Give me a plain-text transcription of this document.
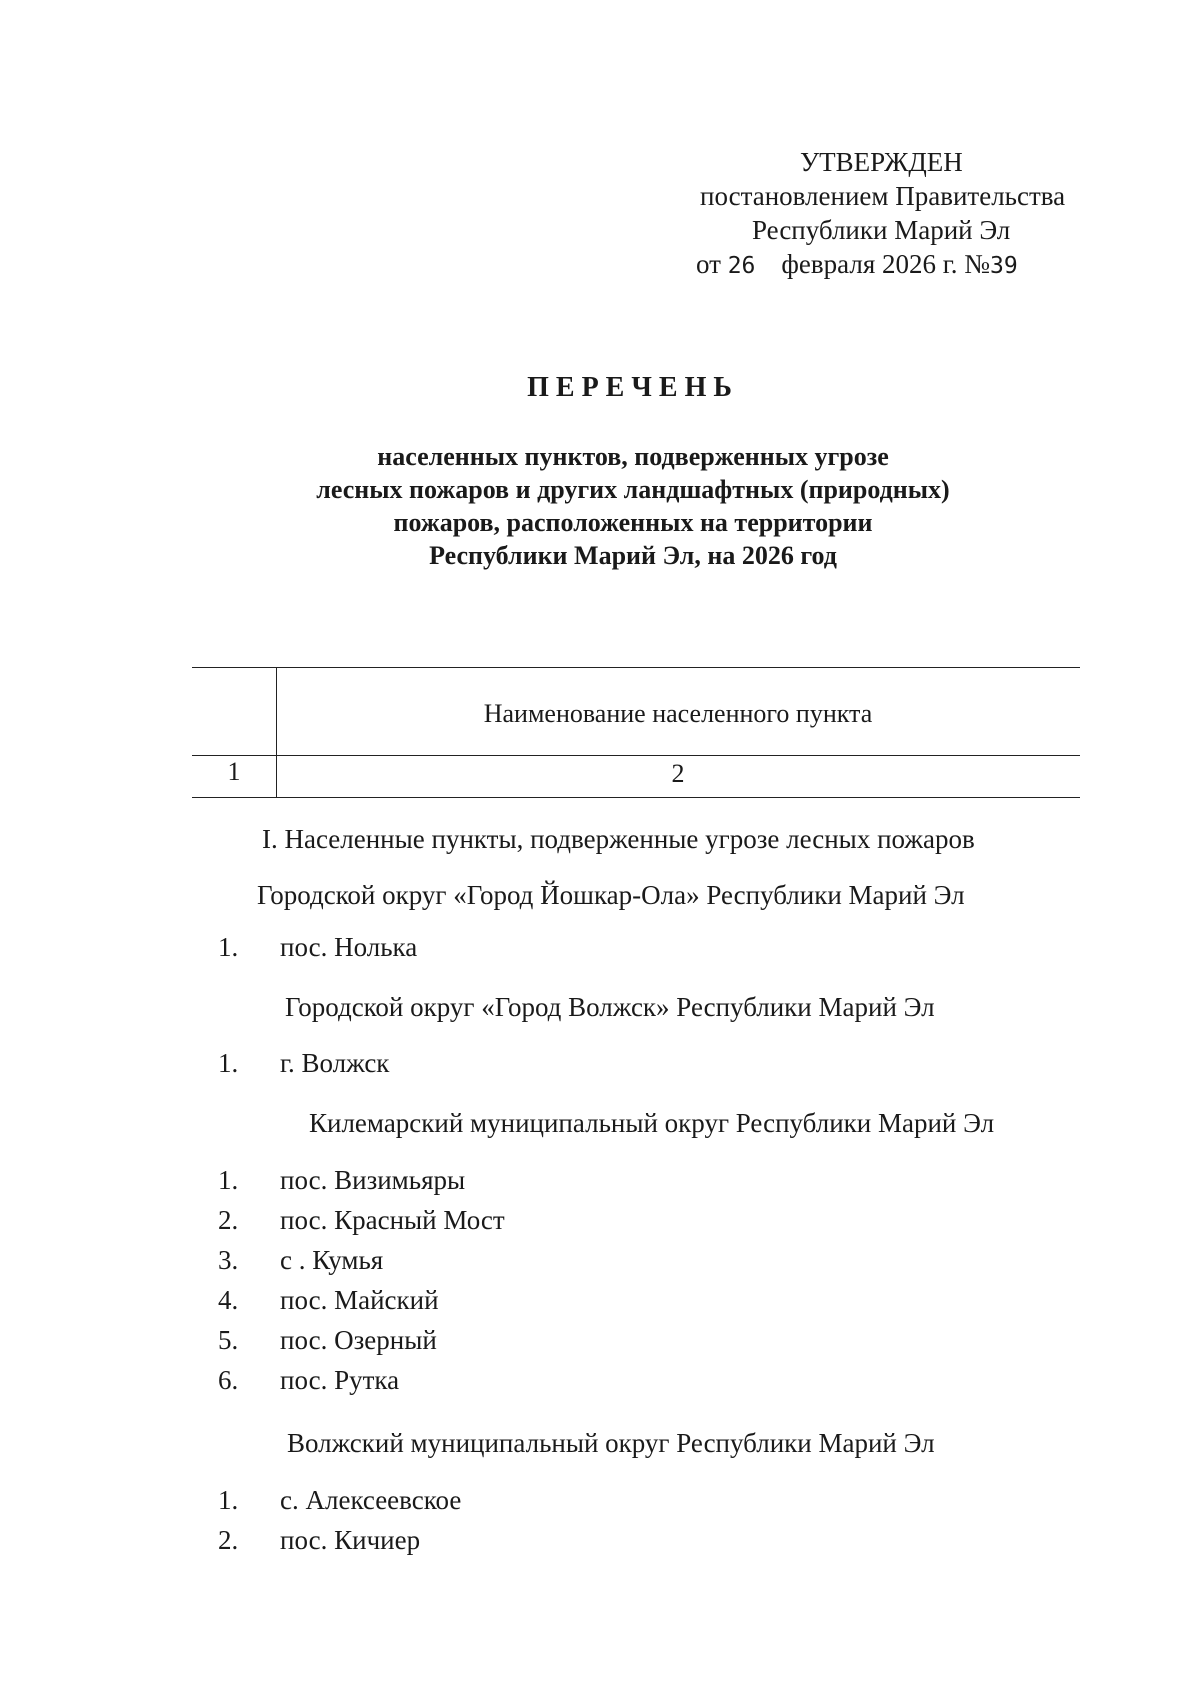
УТВЕРЖДЕН
постановлением Правительства
Республики Марий Эл
от 26 февраля 2026 г. №39
ПЕРЕЧЕНЬ
населенных пунктов, подверженных угрозе
лесных пожаров и других ландшафтных (природных)
пожаров, расположенных на территории
Республики Марий Эл, на 2026 год
Наименование населенного пункта
1	2
I. Населенные пункты, подверженные угрозе лесных пожаров
Городской округ «Город Йошкар-Ола» Республики Марий Эл
1. пос. Нолька
Городской округ «Город Волжск» Республики Марий Эл
1. г. Волжск
Килемарский муниципальный округ Республики Марий Эл
1. пос. Визимьяры
2. пос. Красный Мост
3. с . Кумья
4. пос. Майский
5. пос. Озерный
6. пос. Рутка
Волжский муниципальный округ Республики Марий Эл
1. с. Алексеевское
2. пос. Кичиер
